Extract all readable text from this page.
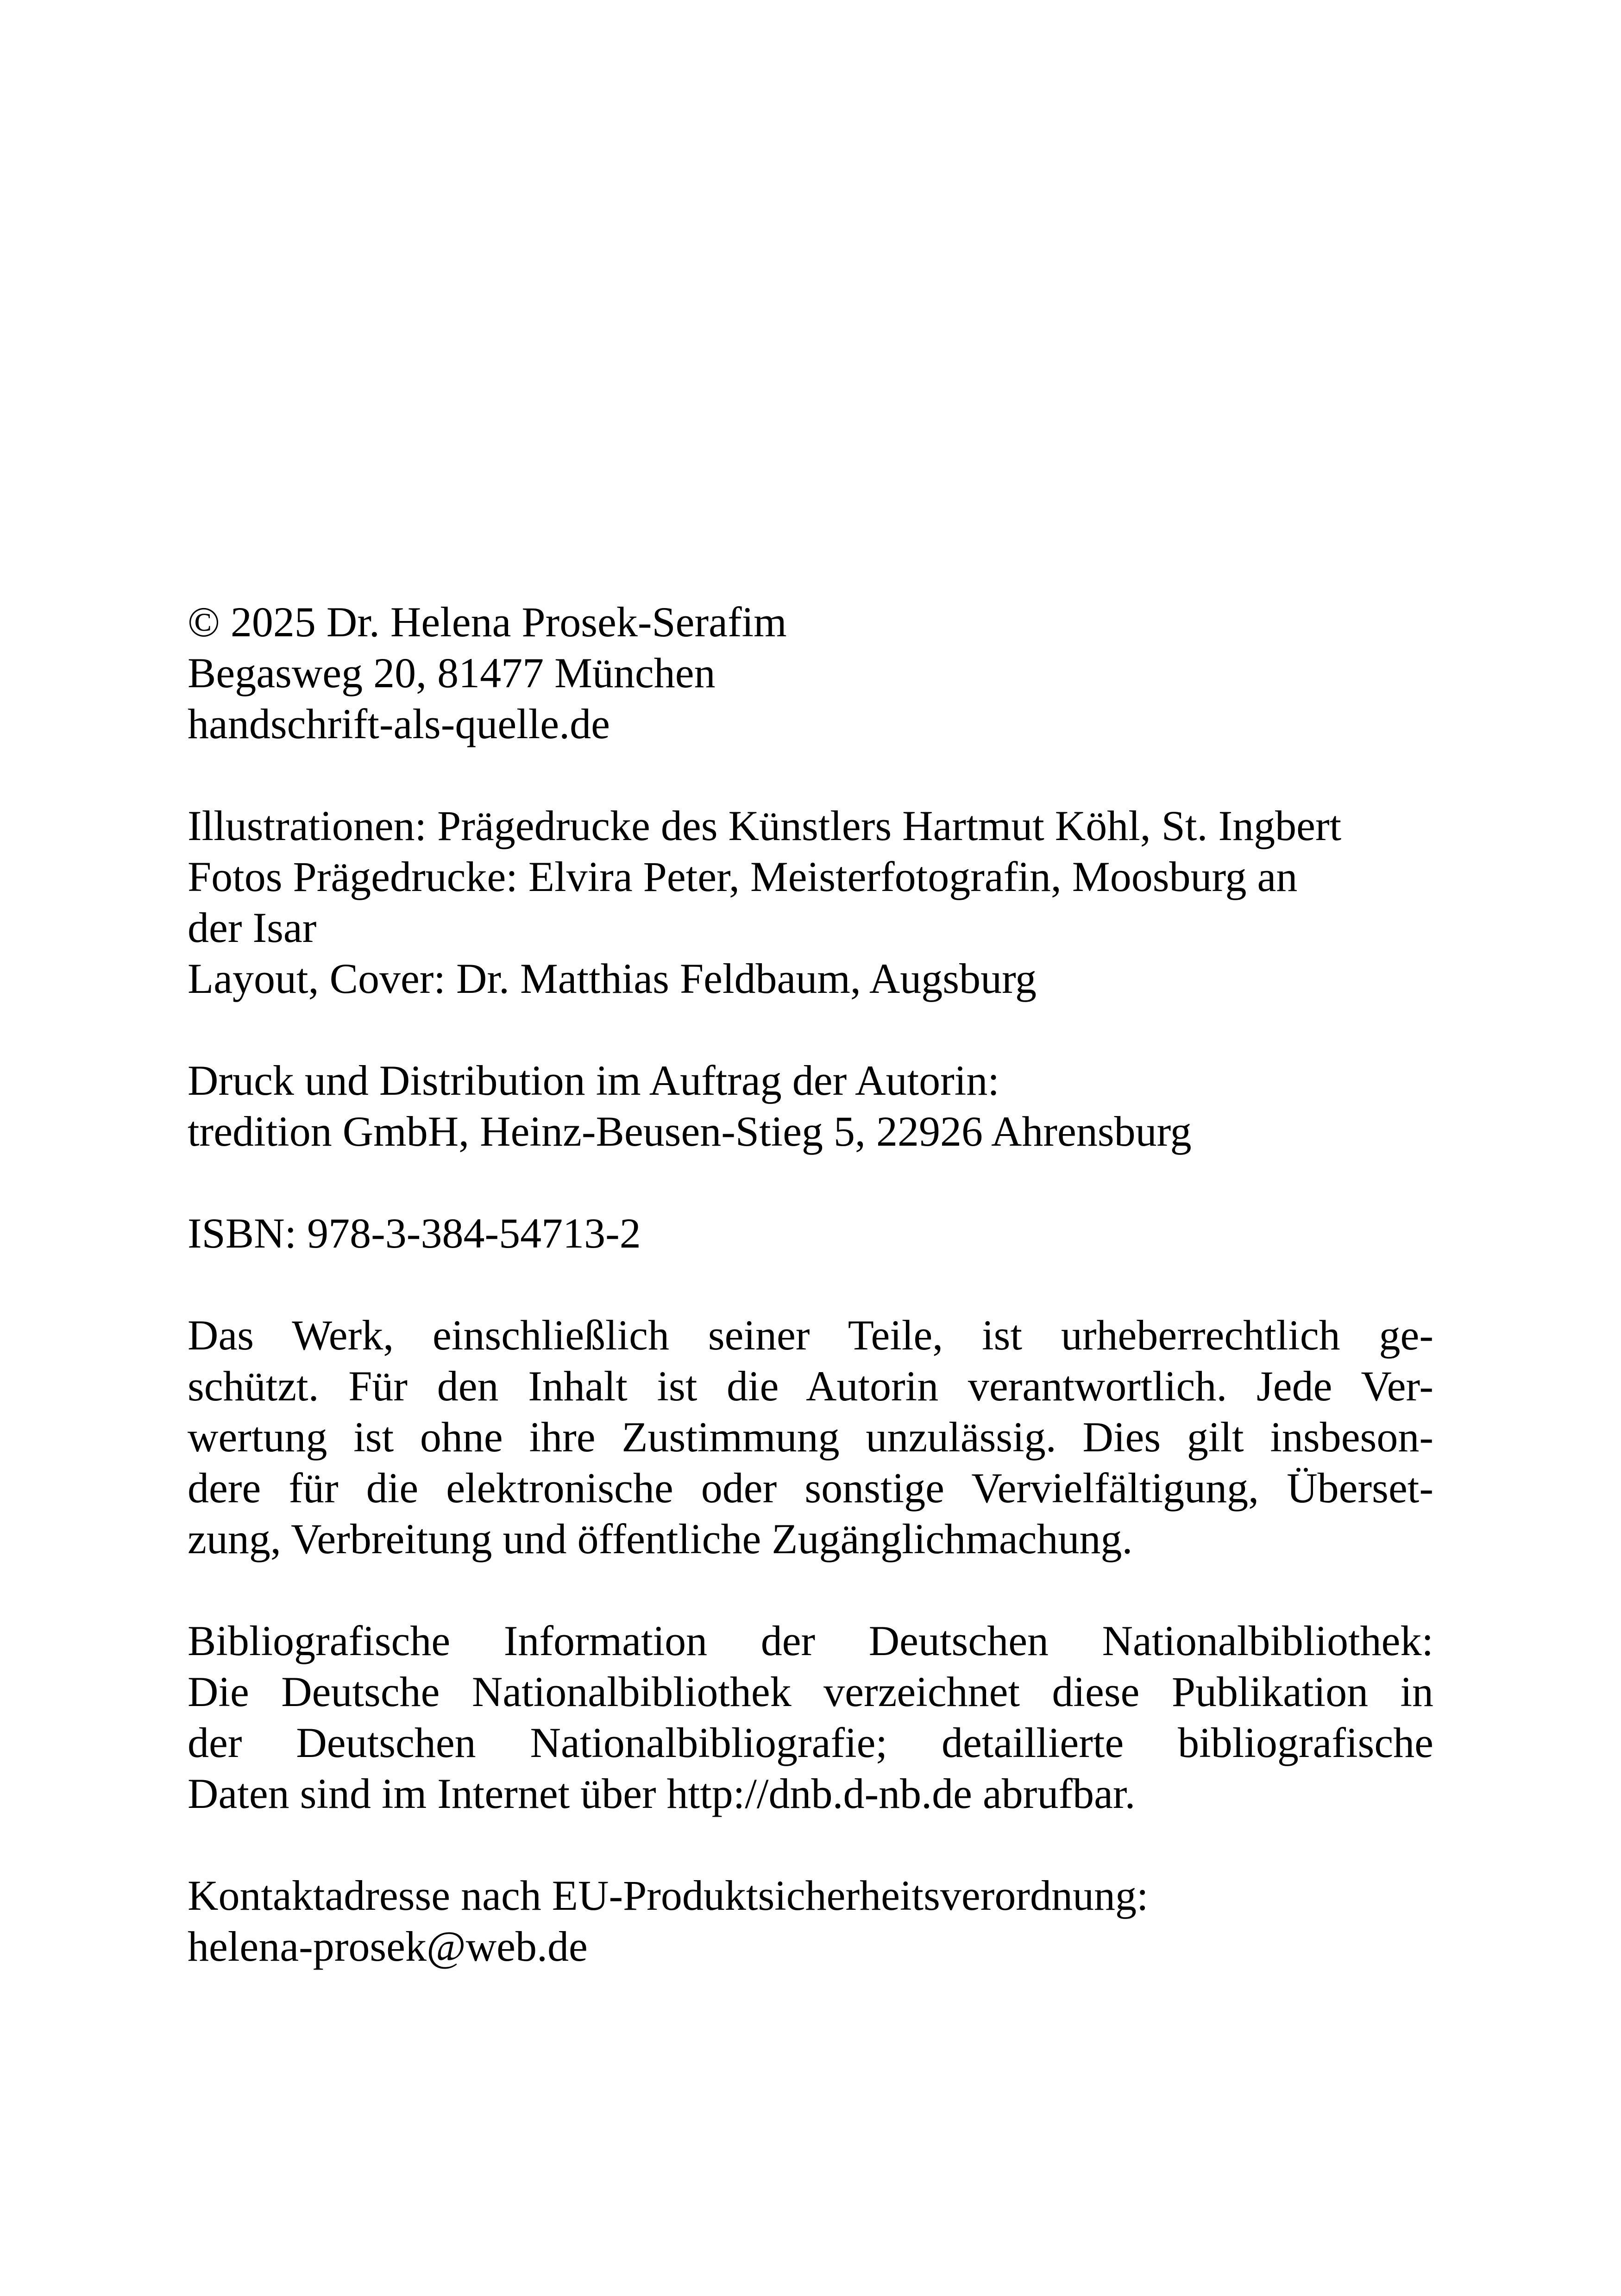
© 2025 Dr. Helena Prosek-Serafim
Begasweg 20, 81477 München
handschrift-als-quelle.de
Illustrationen: Prägedrucke des Künstlers Hartmut Köhl, St. Ingbert
Fotos Prägedrucke: Elvira Peter, Meisterfotografin, Moosburg an
der Isar
Layout, Cover: Dr. Matthias Feldbaum, Augsburg
Druck und Distribution im Auftrag der Autorin:
tredition GmbH, Heinz-Beusen-Stieg 5, 22926 Ahrensburg
ISBN: 978-3-384-54713-2
Das Werk, einschließlich seiner Teile, ist urheberrechtlich ge-
schützt. Für den Inhalt ist die Autorin verantwortlich. Jede Ver-
wertung ist ohne ihre Zustimmung unzulässig. Dies gilt insbeson-
dere für die elektronische oder sonstige Vervielfältigung, Überset-
zung, Verbreitung und öffentliche Zugänglichmachung.
Bibliografische Information der Deutschen Nationalbibliothek:
Die Deutsche Nationalbibliothek verzeichnet diese Publikation in
der Deutschen Nationalbibliografie; detaillierte bibliografische
Daten sind im Internet über http://dnb.d-nb.de abrufbar.
Kontaktadresse nach EU-Produktsicherheitsverordnung:
helena-prosek@web.de
